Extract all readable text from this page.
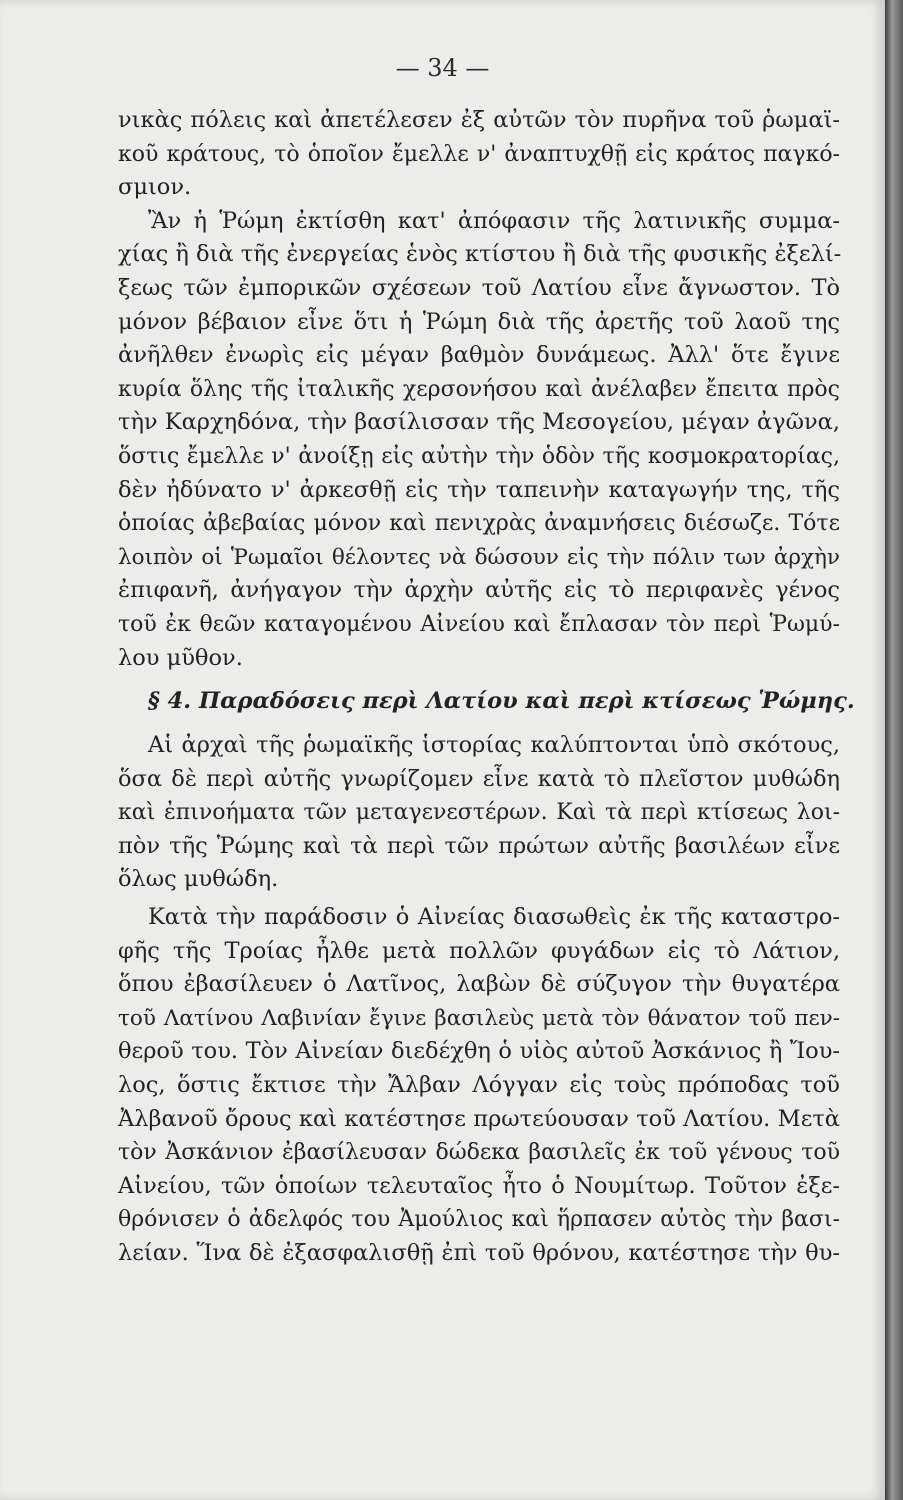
— 34 —
νικὰς πόλεις καὶ ἀπετέλεσεν ἐξ αὐτῶν τὸν πυρῆνα τοῦ ῥωμαϊ-
κοῦ κράτους, τὸ ὁποῖον ἔμελλε ν' ἀναπτυχθῇ εἰς κράτος παγκό-
σμιον.
Ἂν ἡ Ῥώμη ἐκτίσθη κατ' ἀπόφασιν τῆς λατινικῆς συμμα-
χίας ἢ διὰ τῆς ἐνεργείας ἑνὸς κτίστου ἢ διὰ τῆς φυσικῆς ἐξελί-
ξεως τῶν ἐμπορικῶν σχέσεων τοῦ Λατίου εἶνε ἄγνωστον. Τὸ
μόνον βέβαιον εἶνε ὅτι ἡ Ῥώμη διὰ τῆς ἀρετῆς τοῦ λαοῦ της
ἀνῆλθεν ἐνωρὶς εἰς μέγαν βαθμὸν δυνάμεως. Ἀλλ' ὅτε ἔγινε
κυρία ὅλης τῆς ἰταλικῆς χερσονήσου καὶ ἀνέλαβεν ἔπειτα πρὸς
τὴν Καρχηδόνα, τὴν βασίλισσαν τῆς Μεσογείου, μέγαν ἀγῶνα,
ὅστις ἔμελλε ν' ἀνοίξῃ εἰς αὐτὴν τὴν ὁδὸν τῆς κοσμοκρατορίας,
δὲν ἠδύνατο ν' ἀρκεσθῇ εἰς τὴν ταπεινὴν καταγωγήν της, τῆς
ὁποίας ἀβεβαίας μόνον καὶ πενιχρὰς ἀναμνήσεις διέσωζε. Τότε
λοιπὸν οἱ Ῥωμαῖοι θέλοντες νὰ δώσουν εἰς τὴν πόλιν των ἀρχὴν
ἐπιφανῆ, ἀνήγαγον τὴν ἀρχὴν αὐτῆς εἰς τὸ περιφανὲς γένος
τοῦ ἐκ θεῶν καταγομένου Αἰνείου καὶ ἔπλασαν τὸν περὶ Ῥωμύ-
λου μῦθον.
§ 4. Παραδόσεις περὶ Λατίου καὶ περὶ κτίσεως Ῥώμης.
Αἱ ἀρχαὶ τῆς ῥωμαϊκῆς ἱστορίας καλύπτονται ὑπὸ σκότους,
ὅσα δὲ περὶ αὐτῆς γνωρίζομεν εἶνε κατὰ τὸ πλεῖστον μυθώδη
καὶ ἐπινοήματα τῶν μεταγενεστέρων. Καὶ τὰ περὶ κτίσεως λοι-
πὸν τῆς Ῥώμης καὶ τὰ περὶ τῶν πρώτων αὐτῆς βασιλέων εἶνε
ὅλως μυθώδη.
Κατὰ τὴν παράδοσιν ὁ Αἰνείας διασωθεὶς ἐκ τῆς καταστρο-
φῆς τῆς Τροίας ἦλθε μετὰ πολλῶν φυγάδων εἰς τὸ Λάτιον,
ὅπου ἐβασίλευεν ὁ Λατῖνος, λαβὼν δὲ σύζυγον τὴν θυγατέρα
τοῦ Λατίνου Λαβινίαν ἔγινε βασιλεὺς μετὰ τὸν θάνατον τοῦ πεν-
θεροῦ του. Τὸν Αἰνείαν διεδέχθη ὁ υἱὸς αὐτοῦ Ἀσκάνιος ἢ Ἴου-
λος, ὅστις ἔκτισε τὴν Ἄλβαν Λόγγαν εἰς τοὺς πρόποδας τοῦ
Ἀλβανοῦ ὄρους καὶ κατέστησε πρωτεύουσαν τοῦ Λατίου. Μετὰ
τὸν Ἀσκάνιον ἐβασίλευσαν δώδεκα βασιλεῖς ἐκ τοῦ γένους τοῦ
Αἰνείου, τῶν ὁποίων τελευταῖος ἦτο ὁ Νουμίτωρ. Τοῦτον ἐξε-
θρόνισεν ὁ ἀδελφός του Ἀμούλιος καὶ ἥρπασεν αὐτὸς τὴν βασι-
λείαν. Ἵνα δὲ ἐξασφαλισθῇ ἐπὶ τοῦ θρόνου, κατέστησε τὴν θυ-
